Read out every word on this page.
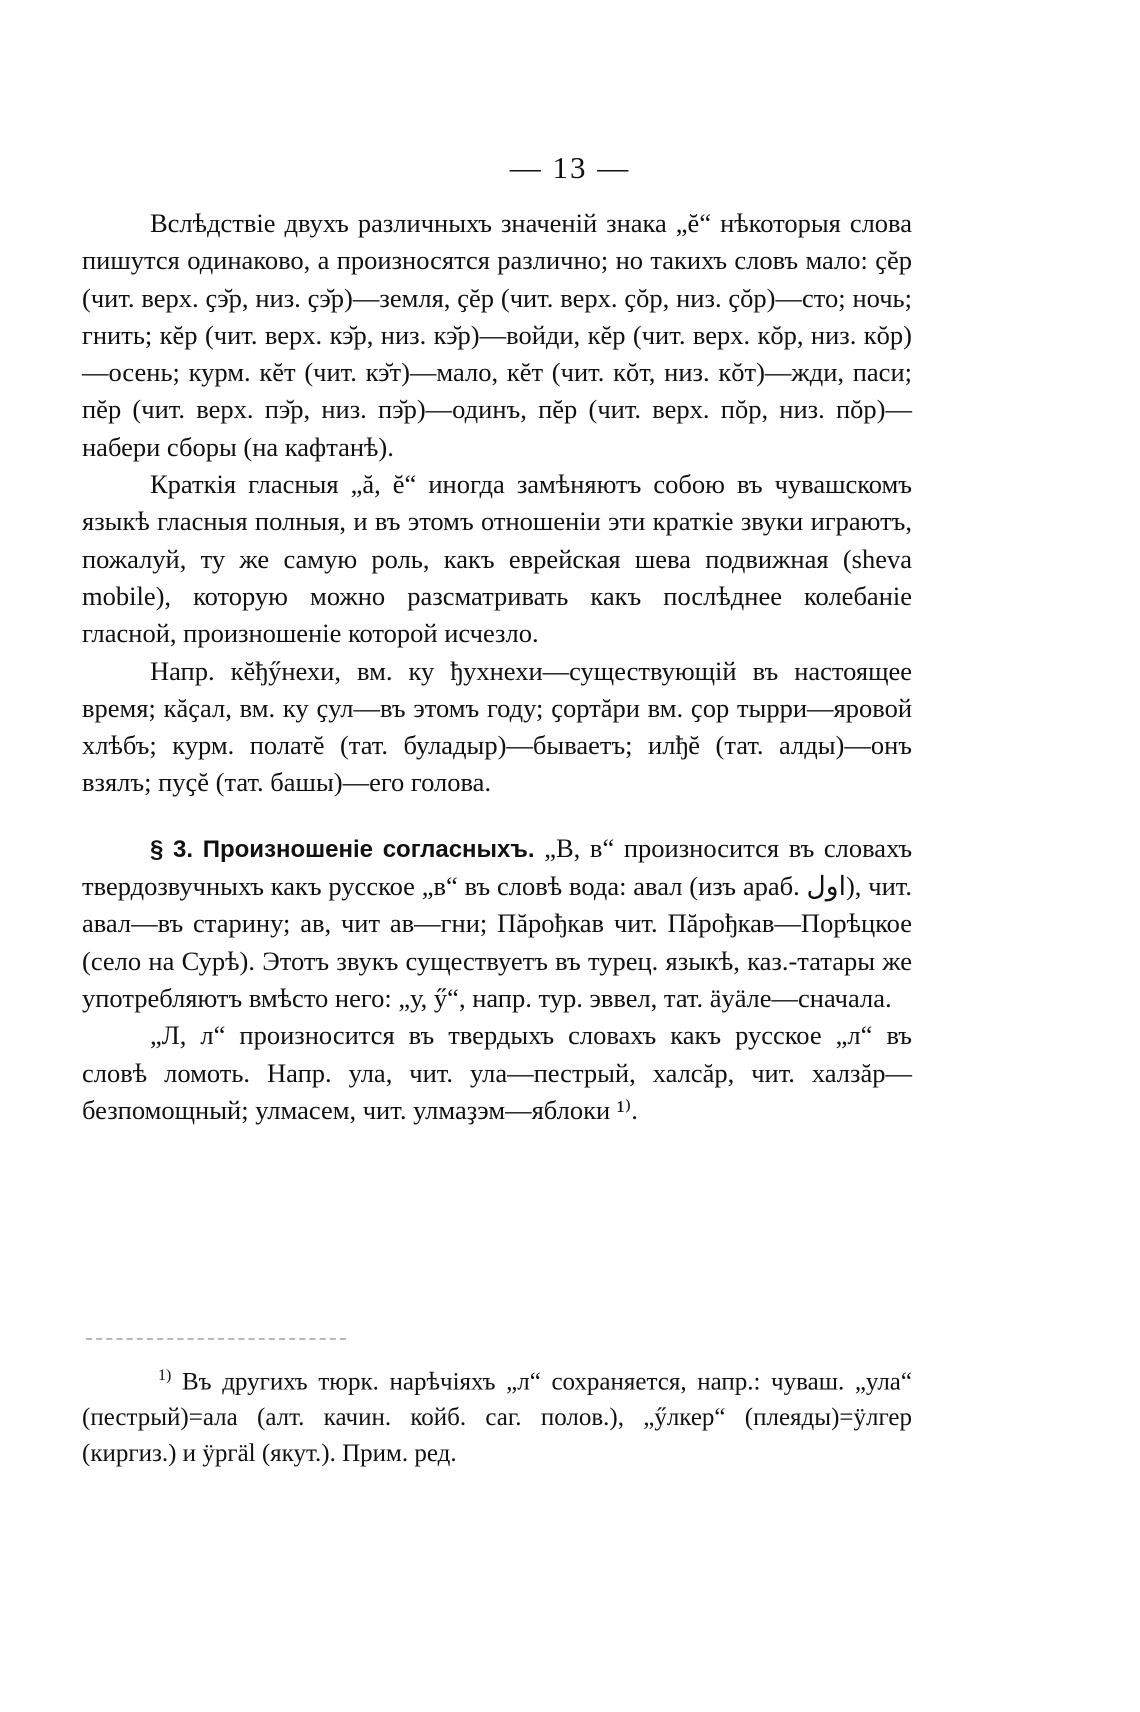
— 13 —

Вслѣдствіе двухъ различныхъ значеній знака „ĕ“ нѣкоторыя слова пишутся одинаково, а произносятся различно; но такихъ словъ мало: ҫĕр (чит. верх. ҫэ̆р, низ. ҫэ̆р)—земля, ҫĕр (чит. верх. ҫŏр, низ. ҫŏр)—сто; ночь; гнить; кĕр (чит. верх. кэ̆р, низ. кэ̆р)—войди, кĕр (чит. верх. кŏр, низ. кŏр)—осень; курм. кĕт (чит. кэ̆т)—мало, кĕт (чит. кŏт, низ. кŏт)—жди, паси; пĕр (чит. верх. пэ̆р, низ. пэ̆р)—одинъ, пĕр (чит. верх. пŏр, низ. пŏр)—набери сборы (на кафтанѣ).

Краткія гласныя „ă, ĕ“ иногда замѣняютъ собою въ чувашскомъ языкѣ гласныя полныя, и въ этомъ отношеніи эти краткіе звуки играютъ, пожалуй, ту же самую роль, какъ еврейская шева подвижная (sheva mobile), которую можно разсматривать какъ послѣднее колебаніе гласной, произношеніе которой исчезло.

Напр. кĕђӳнехи, вм. ку ђухнехи—существующій въ настоящее время; кăҫал, вм. ку ҫул—въ этомъ году; ҫортăри вм. ҫор тырри—яровой хлѣбъ; курм. полатĕ (тат. буладыр)—бываетъ; илђĕ (тат. алды)—онъ взялъ; пуҫĕ (тат. башы)—его голова.

§ 3. Произношеніе согласныхъ. „В, в“ произносится въ словахъ твердозвучныхъ какъ русское „в“ въ словѣ вода: авал (изъ араб. اول), чит. авал—въ старину; ав, чит ав—гни; Пăрођкав чит. Пăрођкав—Порѣцкое (село на Сурѣ). Этотъ звукъ существуетъ въ турец. языкѣ, каз.-татары же употребляютъ вмѣсто него: „у, ӳ“, напр. тур. эввел, тат. äуäле—сначала.

„Л, л“ произносится въ твердыхъ словахъ какъ русское „л“ въ словѣ ломоть. Напр. ула, чит. ула—пестрый, халсăр, чит. халзăр—безпомощный; улмасем, чит. улмаҙэм—яблоки ¹⁾.

$^{1)}$ Въ другихъ тюрк. нарѣчіяхъ „л“ сохраняется, напр.: чуваш. „ула“ (пестрый)=ала (алт. качин. койб. саг. полов.), „ӳлкер“ (плеяды)=ӱлгер (киргиз.) и ӱргäl (якут.). Прим. ред.
